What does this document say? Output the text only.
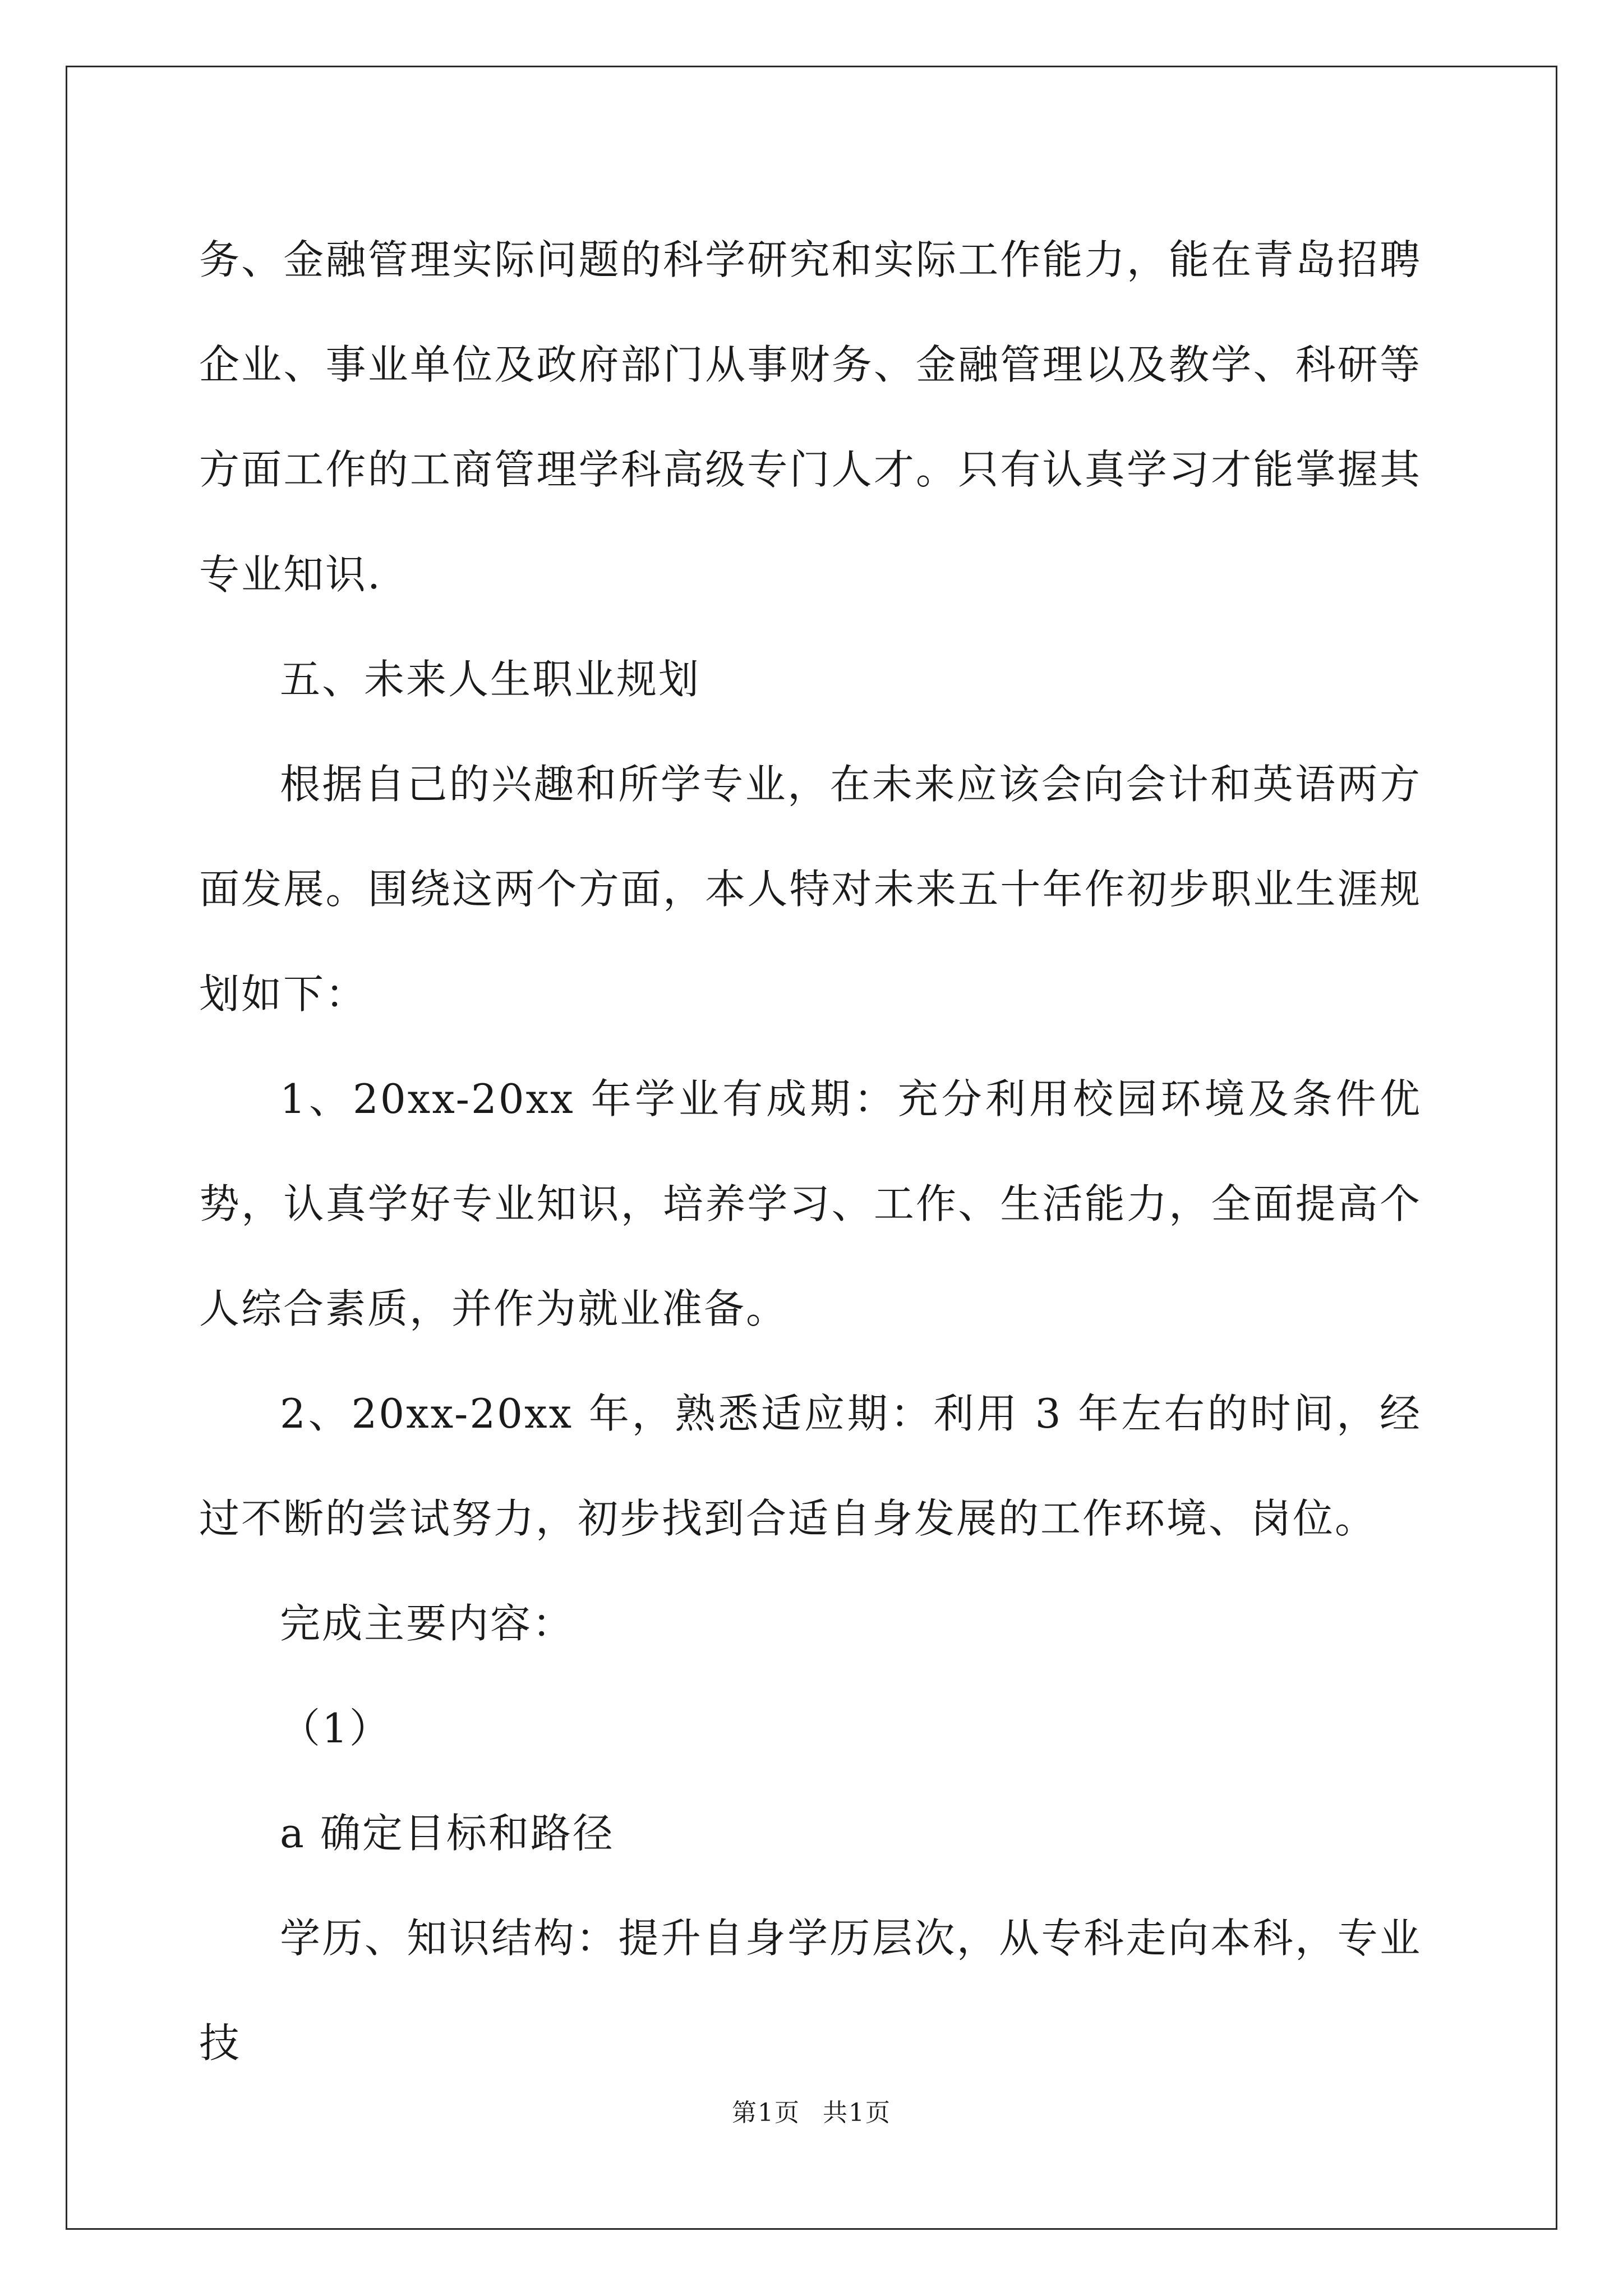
务、金融管理实际问题的科学研究和实际工作能力，能在青岛招聘 企业、事业单位及政府部门从事财务、金融管理以及教学、科研等方面工作的工商管理学科高级专门人才。只有认真学习才能掌握其专业知识.

五、未来人生职业规划

根据自己的兴趣和所学专业，在未来应该会向会计和英语两方面发展。围绕这两个方面，本人特对未来五十年作初步职业生涯规划如下：

1、20xx-20xx 年学业有成期：充分利用校园环境及条件优势，认真学好专业知识，培养学习、工作、生活能力，全面提高个人综合素质，并作为就业准备。

2、20xx-20xx 年，熟悉适应期：利用 3 年左右的时间，经过不断的尝试努力，初步找到合适自身发展的工作环境、岗位。

完成主要内容：

（1）

a 确定目标和路径

学历、知识结构：提升自身学历层次，从专科走向本科，专业技

第1页 共1页
